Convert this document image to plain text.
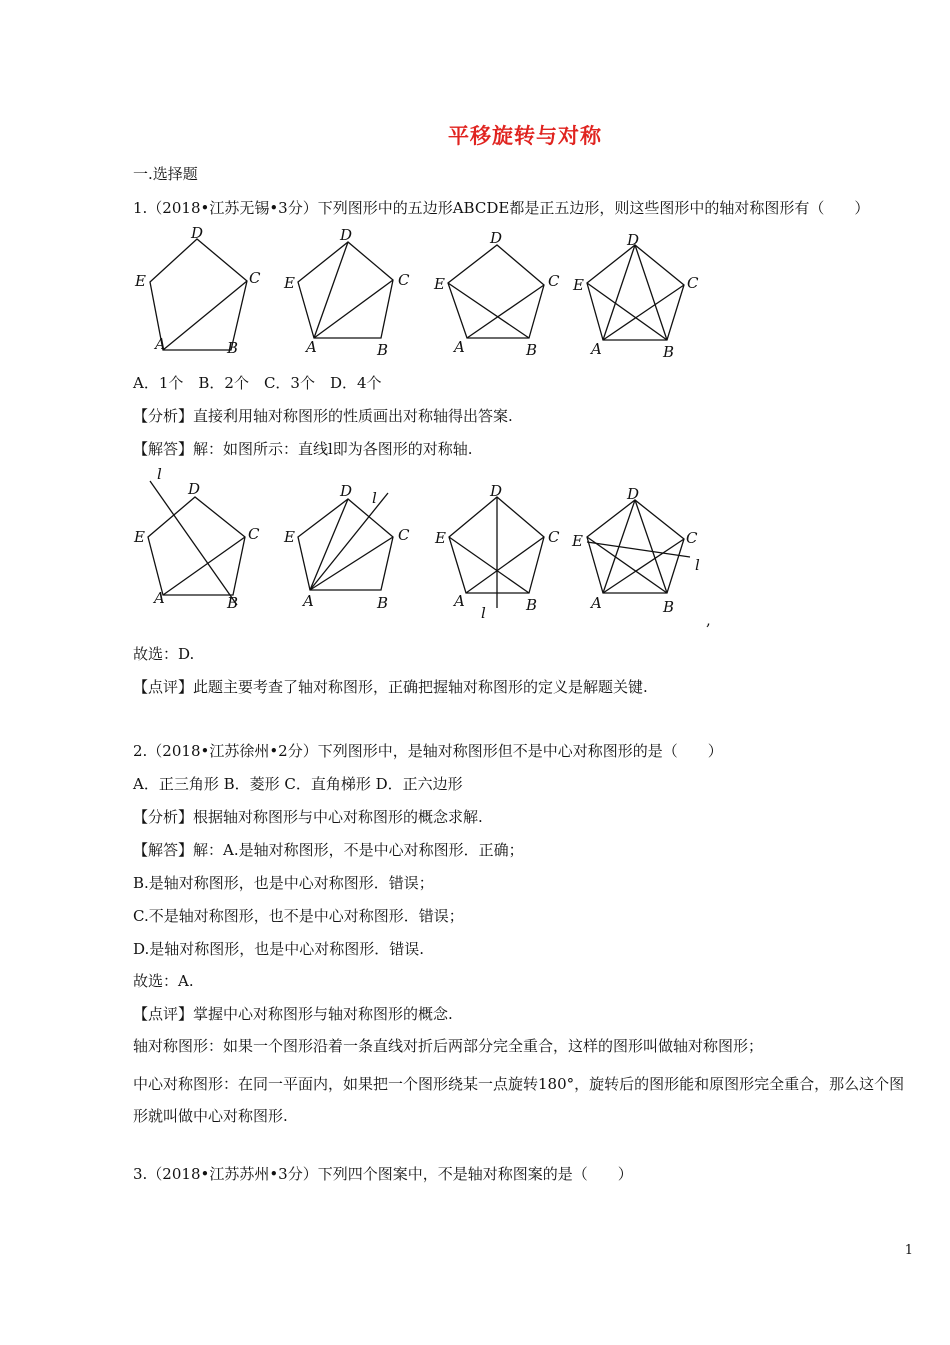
平移旋转与对称
一.选择题
1.（2018•江苏无锡•3分）下列图形中的五边形ABCDE都是正五边形，则这些图形中的轴对称图形有（　　）
A	B
C
D
E
A	B
C
D
E
A	B
C
D
E
A	B
C
D
E
A．1个　B．2个　C．3个　D．4个
【分析】直接利用轴对称图形的性质画出对称轴得出答案.
【解答】解：如图所示：直线l即为各图形的对称轴.
l
A	B
C
D
E
l
A	B
C
D
E
l
A	B
C
D
E
l
A	B
C
D
E
,
故选：D.
【点评】此题主要考查了轴对称图形，正确把握轴对称图形的定义是解题关键.
2.（2018•江苏徐州•2分）下列图形中，是轴对称图形但不是中心对称图形的是（　　）
A．正三角形 B．菱形 C．直角梯形 D．正六边形
【分析】根据轴对称图形与中心对称图形的概念求解.
【解答】解：A.是轴对称图形，不是中心对称图形．正确；
B.是轴对称图形，也是中心对称图形．错误；
C.不是轴对称图形，也不是中心对称图形．错误；
D.是轴对称图形，也是中心对称图形．错误.
故选：A.
【点评】掌握中心对称图形与轴对称图形的概念.
轴对称图形：如果一个图形沿着一条直线对折后两部分完全重合，这样的图形叫做轴对称图形；
中心对称图形：在同一平面内，如果把一个图形绕某一点旋转180°，旋转后的图形能和原图形完全重合，那么这个图形就叫做中心对称图形.
3.（2018•江苏苏州•3分）下列四个图案中，不是轴对称图案的是（　　）
1
